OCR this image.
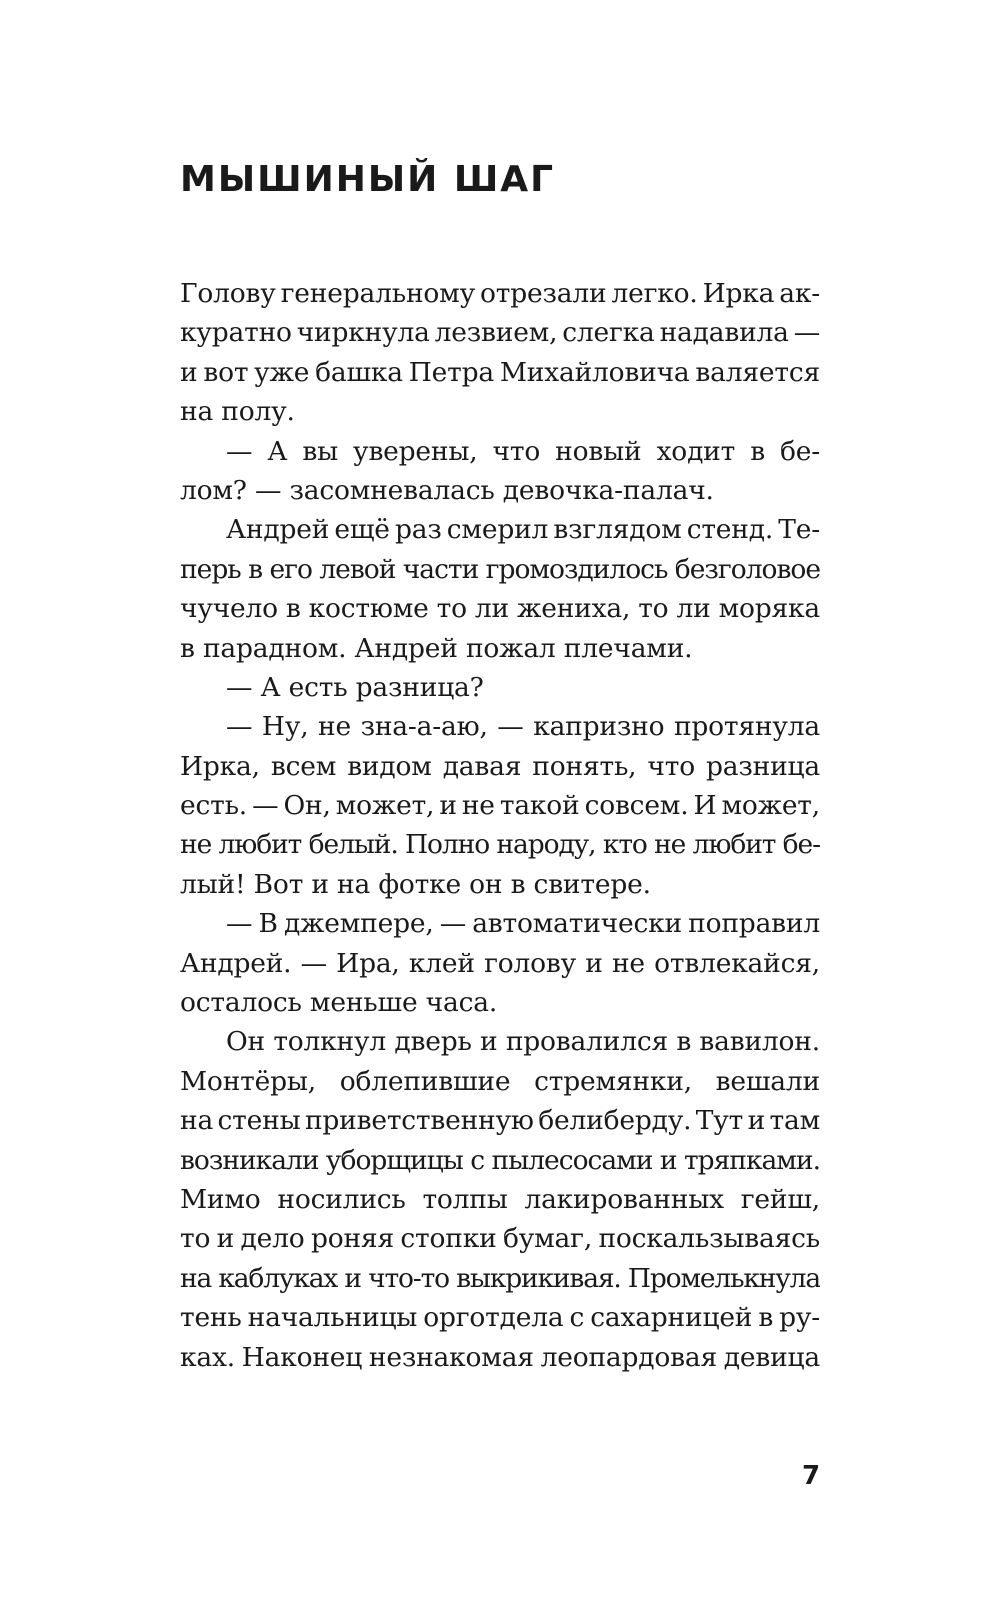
МЫШИНЫЙ ШАГ
Голову генеральному отрезали легко. Ирка ак-
куратно чиркнула лезвием, слегка надавила —
и вот уже башка Петра Михайловича валяется
на полу.
— А вы уверены, что новый ходит в бе-
лом? — засомневалась девочка-палач.
Андрей ещё раз смерил взглядом стенд. Те-
перь в его левой части громоздилось безголовое
чучело в костюме то ли жениха, то ли моряка
в парадном. Андрей пожал плечами.
— А есть разница?
— Ну, не зна-а-аю, — капризно протянула
Ирка, всем видом давая понять, что разница
есть. — Он, может, и не такой совсем. И может,
не любит белый. Полно народу, кто не любит бе-
лый! Вот и на фотке он в свитере.
— В джемпере, — автоматически поправил
Андрей. — Ира, клей голову и не отвлекайся,
осталось меньше часа.
Он толкнул дверь и провалился в вавилон.
Монтёры, облепившие стремянки, вешали
на стены приветственную белиберду. Тут и там
возникали уборщицы с пылесосами и тряпками.
Мимо носились толпы лакированных гейш,
то и дело роняя стопки бумаг, поскальзываясь
на каблуках и что-то выкрикивая. Промелькнула
тень начальницы орготдела с сахарницей в ру-
ках. Наконец незнакомая леопардовая девица
7
